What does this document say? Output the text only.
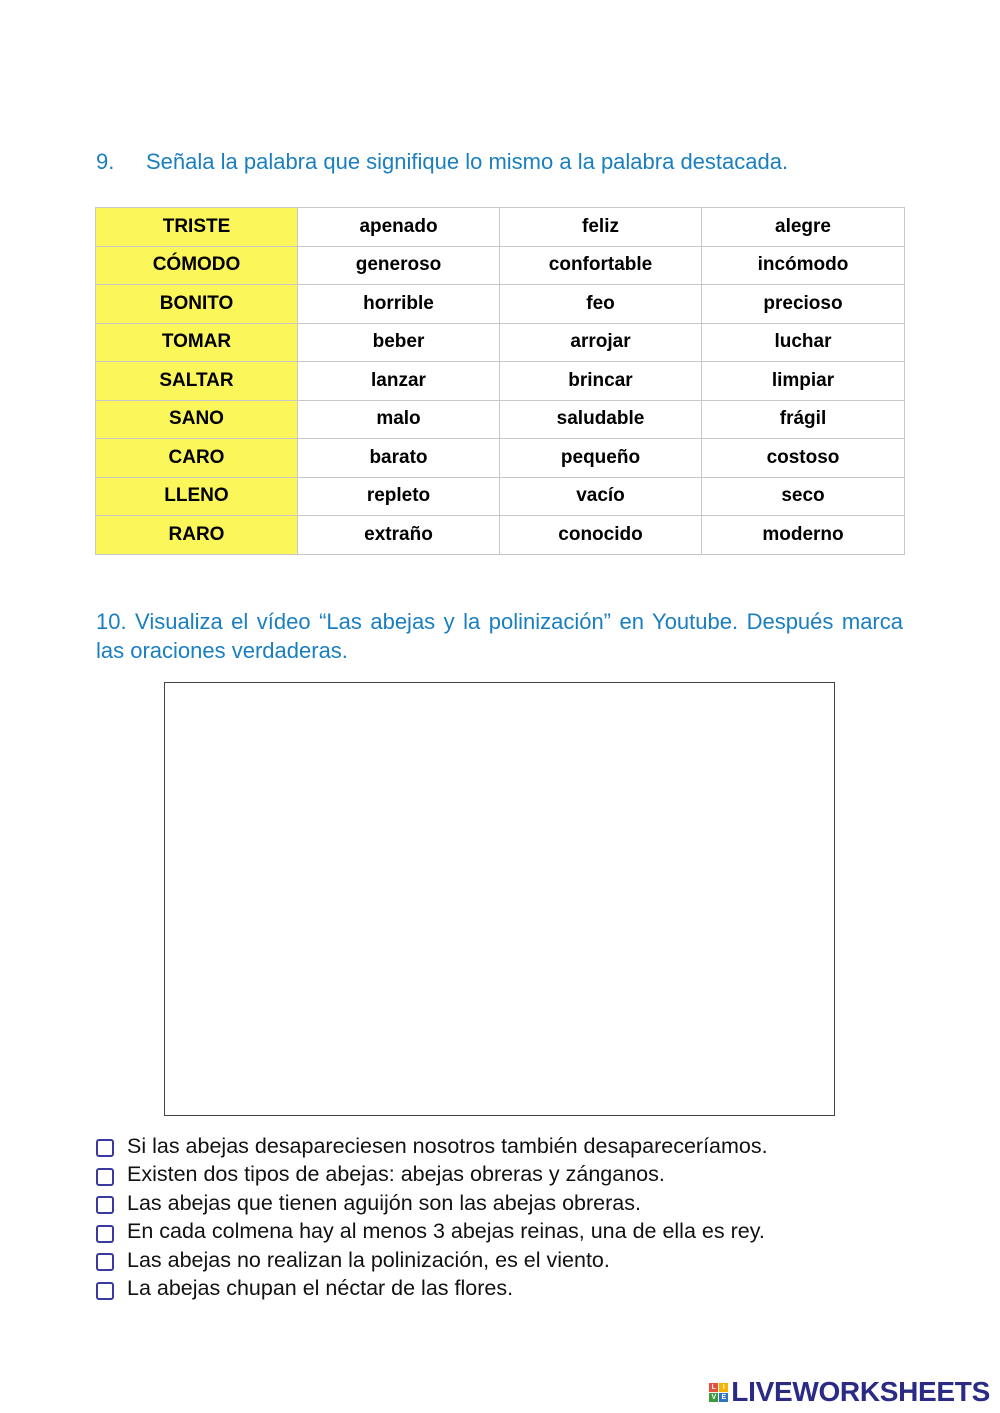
9. Señala la palabra que signifique lo mismo a la palabra destacada.
TRISTE	apenado	feliz	alegre
CÓMODO	generoso	confortable	incómodo
BONITO	horrible	feo	precioso
TOMAR	beber	arrojar	luchar
SALTAR	lanzar	brincar	limpiar
SANO	malo	saludable	frágil
CARO	barato	pequeño	costoso
LLENO	repleto	vacío	seco
RARO	extraño	conocido	moderno
10. Visualiza el vídeo “Las abejas y la polinización” en Youtube. Después marca las oraciones verdaderas.
Si las abejas desapareciesen nosotros también desapareceríamos.
Existen dos tipos de abejas: abejas obreras y zánganos.
Las abejas que tienen aguijón son las abejas obreras.
En cada colmena hay al menos 3 abejas reinas, una de ella es rey.
Las abejas no realizan la polinización, es el viento.
La abejas chupan el néctar de las flores.
L I
V E LIVEWORKSHEETS
